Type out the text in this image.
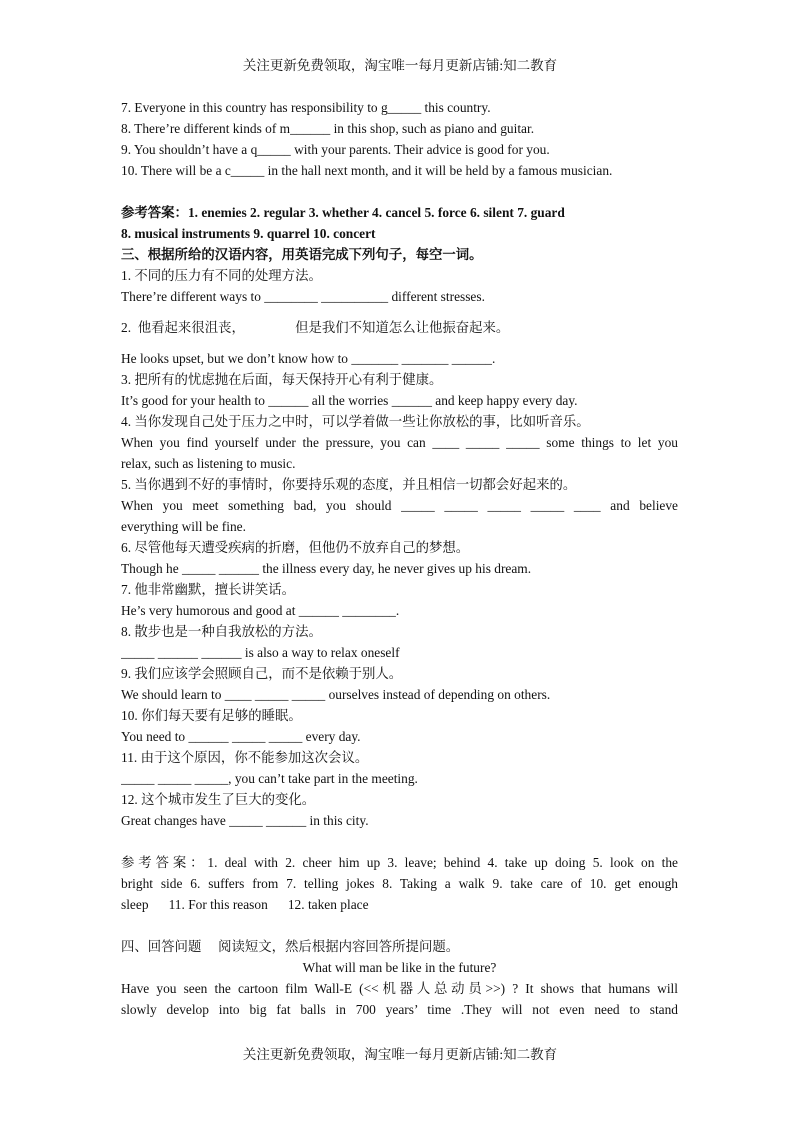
关注更新免费领取，淘宝唯一每月更新店铺:知二教育
7. Everyone in this country has responsibility to g_____ this country.
8. There’re different kinds of m______ in this shop, such as piano and guitar.
9. You shouldn’t have a q_____ with your parents. Their advice is good for you.
10. There will be a c_____ in the hall next month, and it will be held by a famous musician.
参考答案：1. enemies 2. regular 3. whether 4. cancel 5. force 6. silent 7. guard
8. musical instruments 9. quarrel 10. concert
三、根据所给的汉语内容，用英语完成下列句子，每空一词。
1. 不同的压力有不同的处理方法。
There’re different ways to ________ __________ different stresses.
2.  他看起来很沮丧，               但是我们不知道怎么让他振奋起来。
He looks upset, but we don’t know how to _______ _______ ______.
3. 把所有的忧虑抛在后面，每天保持开心有利于健康。
It’s good for your health to ______ all the worries ______ and keep happy every day.
4. 当你发现自己处于压力之中时，可以学着做一些让你放松的事，比如听音乐。
When you find yourself under the pressure, you can ____ _____ _____ some things to let you
relax, such as listening to music.
5. 当你遇到不好的事情时，你要持乐观的态度，并且相信一切都会好起来的。
When you meet something bad, you should _____ _____ _____ _____ ____ and believe
everything will be fine.
6. 尽管他每天遭受疾病的折磨，但他仍不放弃自己的梦想。
Though he _____ ______ the illness every day, he never gives up his dream.
7. 他非常幽默，擅长讲笑话。
He’s very humorous and good at ______ ________.
8. 散步也是一种自我放松的方法。
_____ ______ ______ is also a way to relax oneself
9. 我们应该学会照顾自己，而不是依赖于别人。
We should learn to ____ _____ _____ ourselves instead of depending on others.
10. 你们每天要有足够的睡眠。
You need to ______ _____ _____ every day.
11. 由于这个原因，你不能参加这次会议。
_____ _____ _____, you can’t take part in the meeting.
12. 这个城市发生了巨大的变化。
Great changes have _____ ______ in this city.
参考答案：1. deal with 2. cheer him up 3. leave; behind 4. take up doing 5. look on the
bright side 6. suffers from 7. telling jokes 8. Taking a walk 9. take care of 10. get enough
sleep      11. For this reason      12. taken place
四、回答问题     阅读短文，然后根据内容回答所提问题。
What will man be like in the future?
Have you seen the cartoon film Wall-E (<<机器人总动员>>) ? It shows that humans will
slowly develop into big fat balls in 700 years’ time .They will not even need to stand
关注更新免费领取，淘宝唯一每月更新店铺:知二教育
